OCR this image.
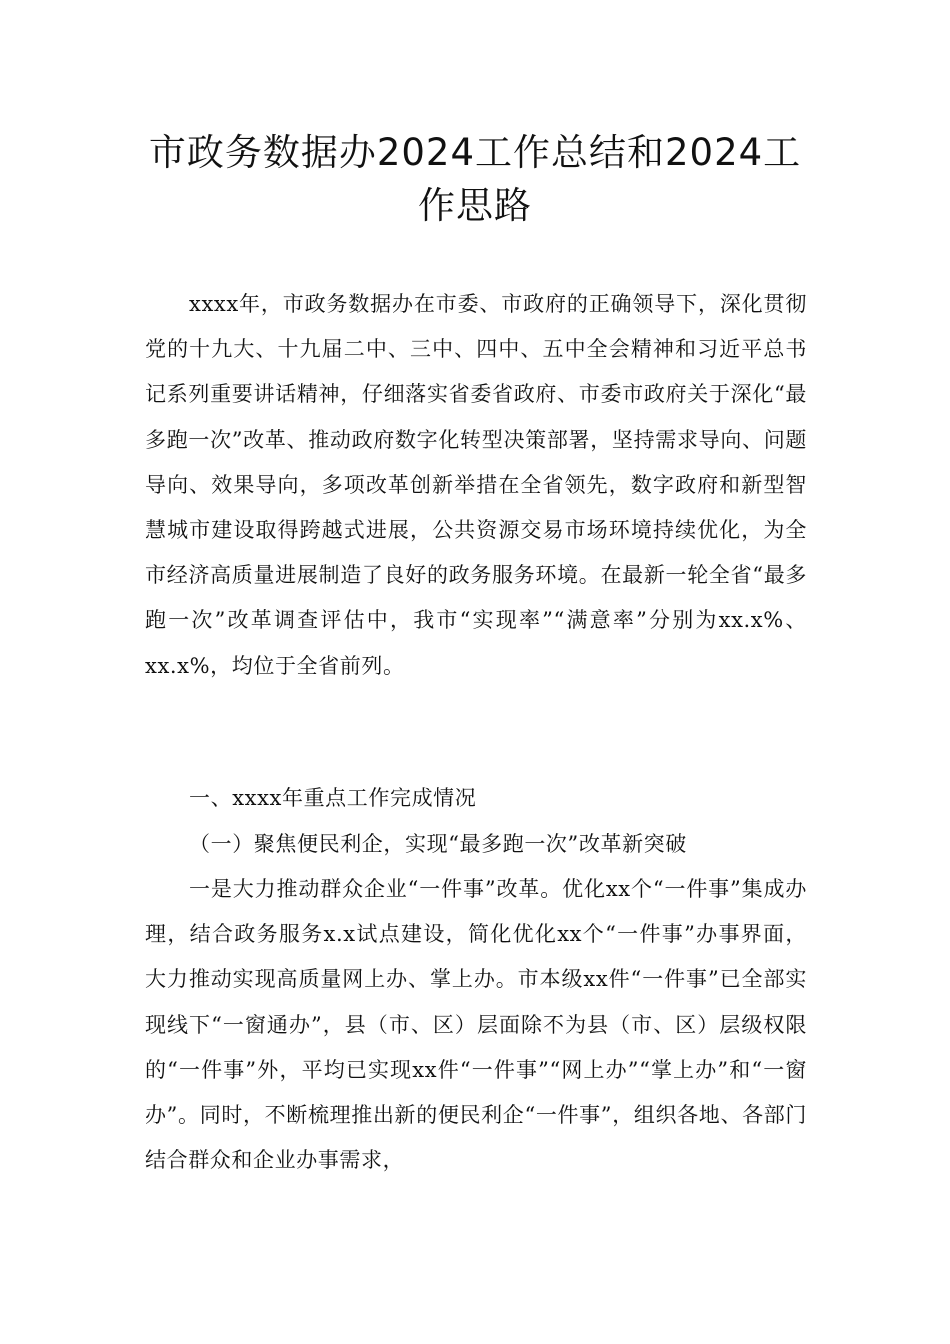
市政务数据办2024工作总结和2024工作思路

xxxx年，市政务数据办在市委、市政府的正确领导下，深化贯彻党的十九大、十九届二中、三中、四中、五中全会精神和习近平总书记系列重要讲话精神，仔细落实省委省政府、市委市政府关于深化“最多跑一次”改革、推动政府数字化转型决策部署，坚持需求导向、问题导向、效果导向，多项改革创新举措在全省领先，数字政府和新型智慧城市建设取得跨越式进展，公共资源交易市场环境持续优化，为全市经济高质量进展制造了良好的政务服务环境。在最新一轮全省“最多跑一次”改革调查评估中，我市“实现率”“满意率”分别为xx.x%、xx.x%，均位于全省前列。

一、xxxx年重点工作完成情况

（一）聚焦便民利企，实现“最多跑一次”改革新突破

一是大力推动群众企业“一件事”改革。优化xx个“一件事”集成办理，结合政务服务x.x试点建设，简化优化xx个“一件事”办事界面，大力推动实现高质量网上办、掌上办。市本级xx件“一件事”已全部实现线下“一窗通办”，县（市、区）层面除不为县（市、区）层级权限的“一件事”外，平均已实现xx件“一件事”“网上办”“掌上办”和“一窗办”。同时，不断梳理推出新的便民利企“一件事”，组织各地、各部门结合群众和企业办事需求，
